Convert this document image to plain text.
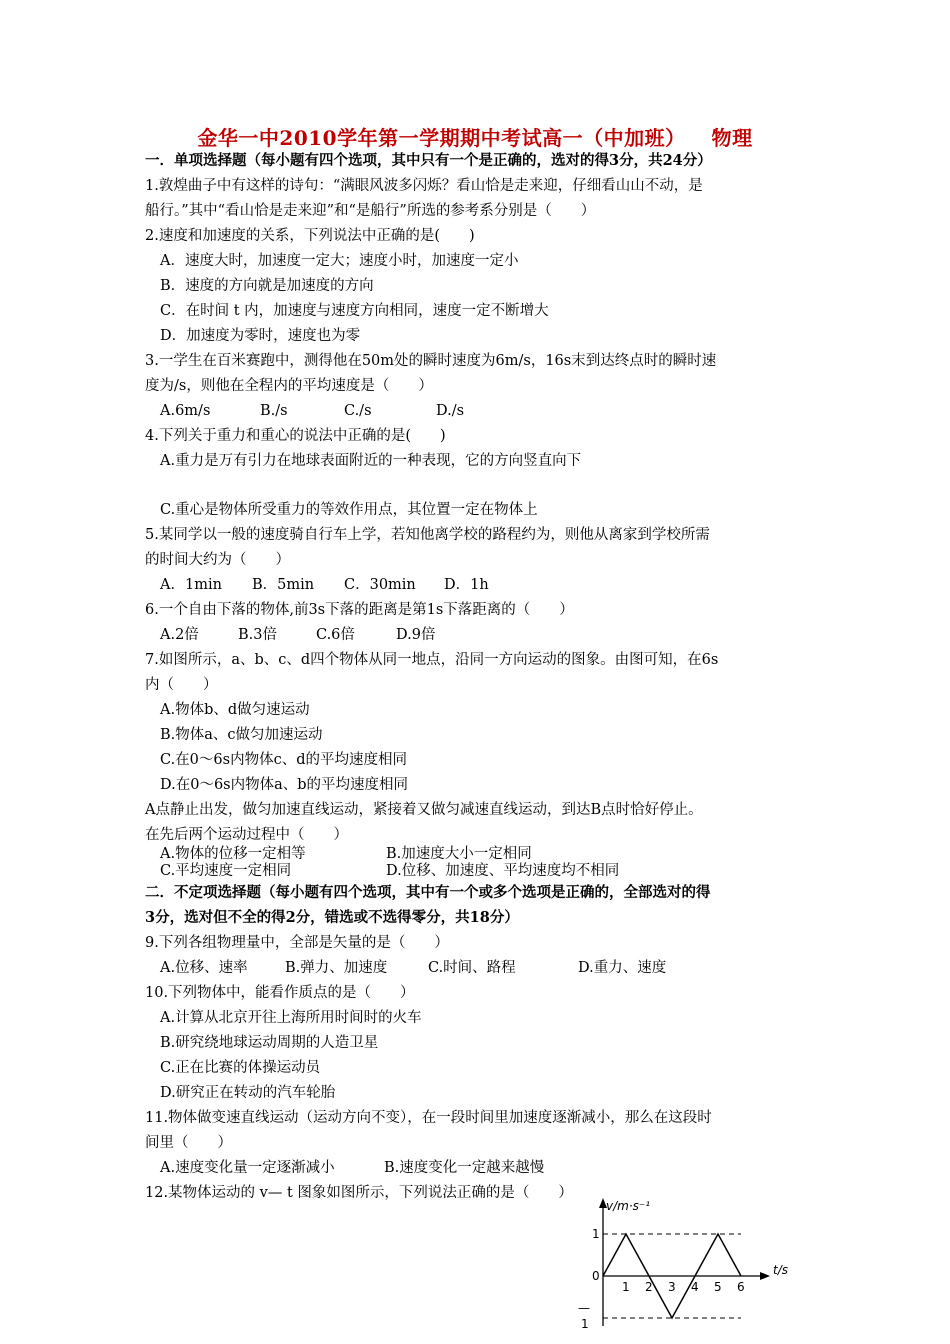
金华一中2010学年第一学期期中考试高一（中加班） 物理
一．单项选择题（每小题有四个选项，其中只有一个是正确的，选对的得3分，共24分）
1.敦煌曲子中有这样的诗句：“满眼风波多闪烁？看山恰是走来迎，仔细看山山不动，是
船行。”其中“看山恰是走来迎”和“是船行”所选的参考系分别是（　　）
2.速度和加速度的关系，下列说法中正确的是(　　)
A．速度大时，加速度一定大；速度小时，加速度一定小
B．速度的方向就是加速度的方向
C．在时间 t 内，加速度与速度方向相同，速度一定不断增大
D．加速度为零时，速度也为零
3.一学生在百米赛跑中，测得他在50m处的瞬时速度为6m/s，16s末到达终点时的瞬时速
度为/s，则他在全程内的平均速度是（　　）
A.6m/s	B./s	C./s	D./s
4.下列关于重力和重心的说法中正确的是(　　)
A.重力是万有引力在地球表面附近的一种表现，它的方向竖直向下
C.重心是物体所受重力的等效作用点，其位置一定在物体上
5.某同学以一般的速度骑自行车上学，若知他离学校的路程约为，则他从离家到学校所需
的时间大约为（　　）
A．1min B．5min C．30min D．1h
6.一个自由下落的物体,前3s下落的距离是第1s下落距离的（　　）
A.2倍	B.3倍	C.6倍	D.9倍
7.如图所示，a、b、c、d四个物体从同一地点，沿同一方向运动的图象。由图可知，在6s
内（　　）
A.物体b、d做匀速运动
B.物体a、c做匀加速运动
C.在0～6s内物体c、d的平均速度相同
D.在0～6s内物体a、b的平均速度相同
A点静止出发，做匀加速直线运动，紧接着又做匀减速直线运动，到达B点时恰好停止。
在先后两个运动过程中（　　）
A.物体的位移一定相等	B.加速度大小一定相同
C.平均速度一定相同	D.位移、加速度、平均速度均不相同
二．不定项选择题（每小题有四个选项，其中有一个或多个选项是正确的，全部选对的得
3分，选对但不全的得2分，错选或不选得零分，共18分）
9.下列各组物理量中，全部是矢量的是（　　）
A.位移、速率	B.弹力、加速度	C.时间、路程	D.重力、速度
10.下列物体中，能看作质点的是（　　）
A.计算从北京开往上海所用时间时的火车
B.研究绕地球运动周期的人造卫星
C.正在比赛的体操运动员
D.研究正在转动的汽车轮胎
11.物体做变速直线运动（运动方向不变），在一段时间里加速度逐渐减小，那么在这段时
间里（　　）
A.速度变化量一定逐渐减小	B.速度变化一定越来越慢
12.某物体运动的 v— t 图象如图所示，下列说法正确的是（　　）
1 2 3 4 5 6
v/m·s⁻¹
t/s
0
1
—
1
